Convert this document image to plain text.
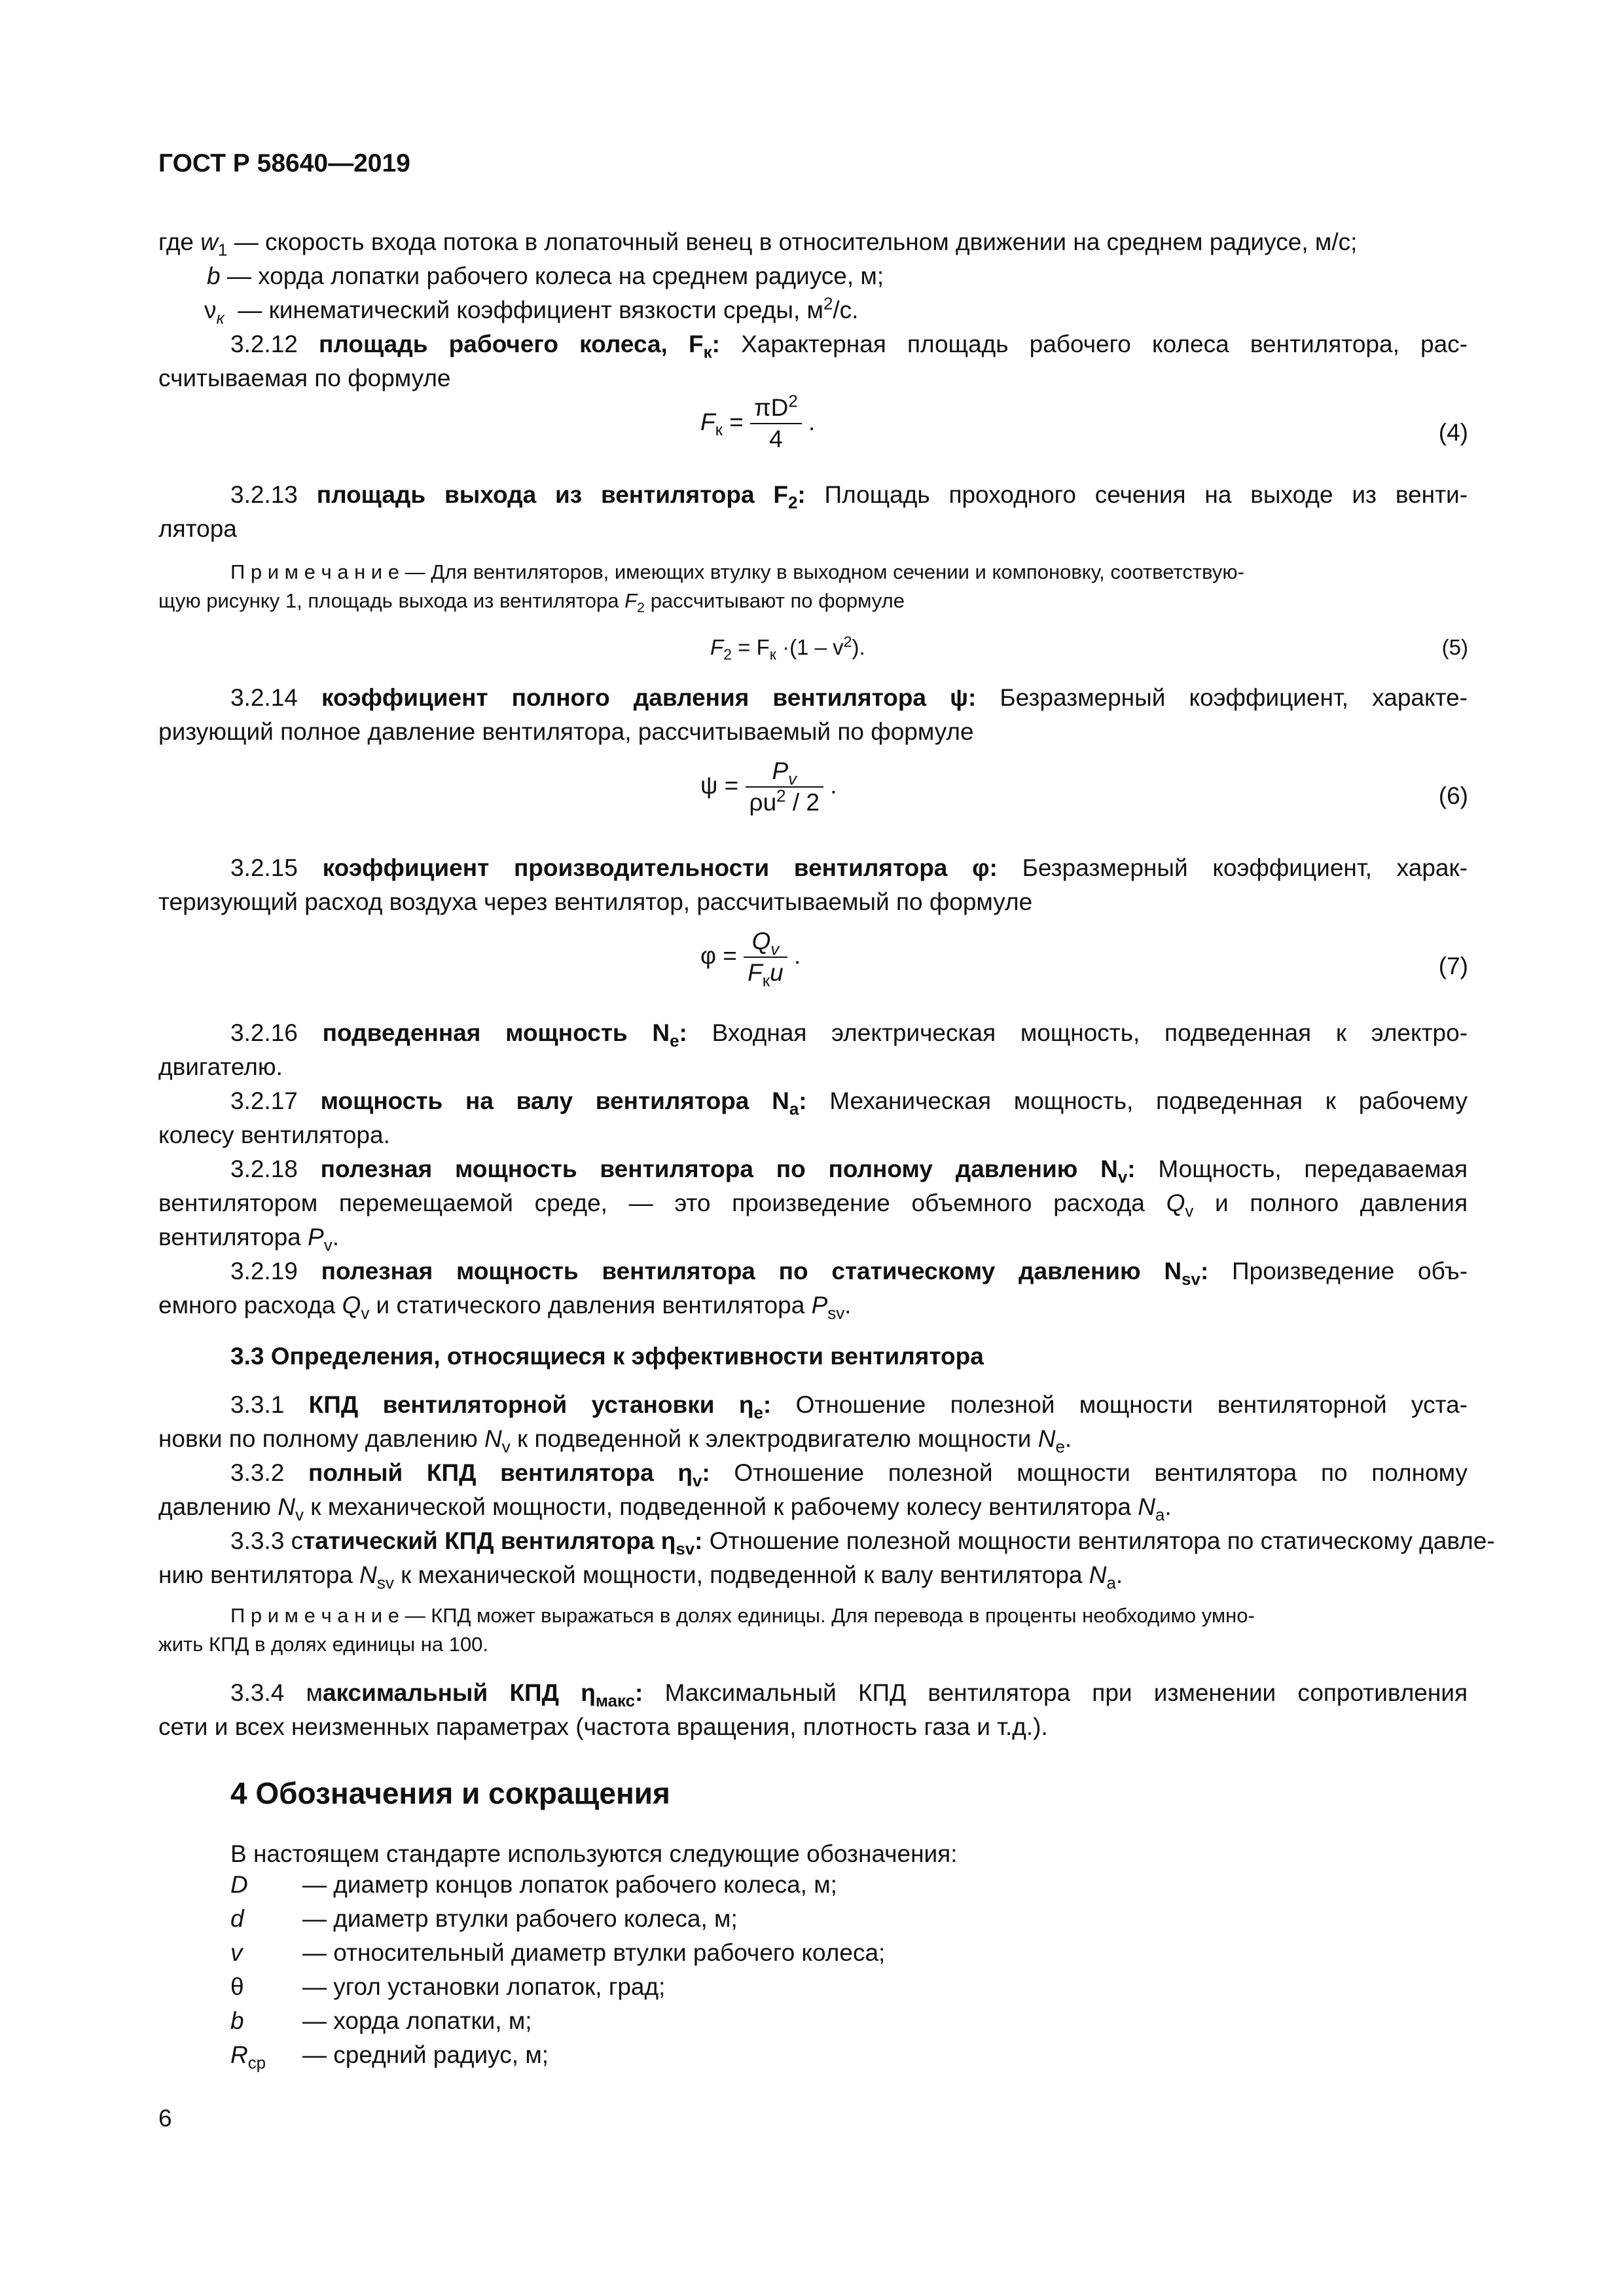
ГОСТ Р 58640—2019
где $w_1$ — скорость входа потока в лопаточный венец в относительном движении на среднем радиусе, м/с;
b — хорда лопатки рабочего колеса на среднем радиусе, м;
$\nu_к$ — кинематический коэффициент вязкости среды, $м^2/с$.
3.2.12 площадь рабочего колеса, $F_к$: Характерная площадь рабочего колеса вентилятора, рас-
считываемая по формуле
$F_к = \frac{\pi D^2}{4}$ .	(4)
3.2.13 площадь выхода из вентилятора $F_2$: Площадь проходного сечения на выходе из венти-
лятора
П р и м е ч а н и е — Для вентиляторов, имеющих втулку в выходном сечении и компоновку, соответствую-
щую рисунку 1, площадь выхода из вентилятора $F_2$ рассчитывают по формуле
$F_2 = F_к \cdot(1 - v^2)$.	(5)
3.2.14 коэффициент полного давления вентилятора ψ: Безразмерный коэффициент, характе-
ризующий полное давление вентилятора, рассчитываемый по формуле
$\psi = \frac{P_v}{\rho u^2 / 2}$ .	(6)
3.2.15 коэффициент производительности вентилятора φ: Безразмерный коэффициент, харак-
теризующий расход воздуха через вентилятор, рассчитываемый по формуле
$\varphi = \frac{Q_v}{F_кu}$ .	(7)
3.2.16 подведенная мощность $N_e$: Входная электрическая мощность, подведенная к электро-
двигателю.
3.2.17 мощность на валу вентилятора $N_a$: Механическая мощность, подведенная к рабочему
колесу вентилятора.
3.2.18 полезная мощность вентилятора по полному давлению $N_v$: Мощность, передаваемая
вентилятором перемещаемой среде, — это произведение объемного расхода $Q_v$ и полного давления
вентилятора $P_v$.
3.2.19 полезная мощность вентилятора по статическому давлению $N_{sv}$: Произведение объ-
емного расхода $Q_v$ и статического давления вентилятора $P_{sv}$.
3.3 Определения, относящиеся к эффективности вентилятора
3.3.1 КПД вентиляторной установки $\eta_e$: Отношение полезной мощности вентиляторной уста-
новки по полному давлению $N_v$ к подведенной к электродвигателю мощности $N_e$.
3.3.2 полный КПД вентилятора $\eta_v$: Отношение полезной мощности вентилятора по полному
давлению $N_v$ к механической мощности, подведенной к рабочему колесу вентилятора $N_a$.
3.3.3 статический КПД вентилятора $\eta_{sv}$: Отношение полезной мощности вентилятора по статическому давле-
нию вентилятора $N_{sv}$ к механической мощности, подведенной к валу вентилятора $N_a$.
П р и м е ч а н и е — КПД может выражаться в долях единицы. Для перевода в проценты необходимо умно-
жить КПД в долях единицы на 100.
3.3.4 максимальный КПД $\eta_{макс}$: Максимальный КПД вентилятора при изменении сопротивления
сети и всех неизменных параметрах (частота вращения, плотность газа и т.д.).
4 Обозначения и сокращения
В настоящем стандарте используются следующие обозначения:
D — диаметр концов лопаток рабочего колеса, м;
d — диаметр втулки рабочего колеса, м;
v — относительный диаметр втулки рабочего колеса;
θ — угол установки лопаток, град;
b — хорда лопатки, м;
$R_{ср}$ — средний радиус, м;
6
